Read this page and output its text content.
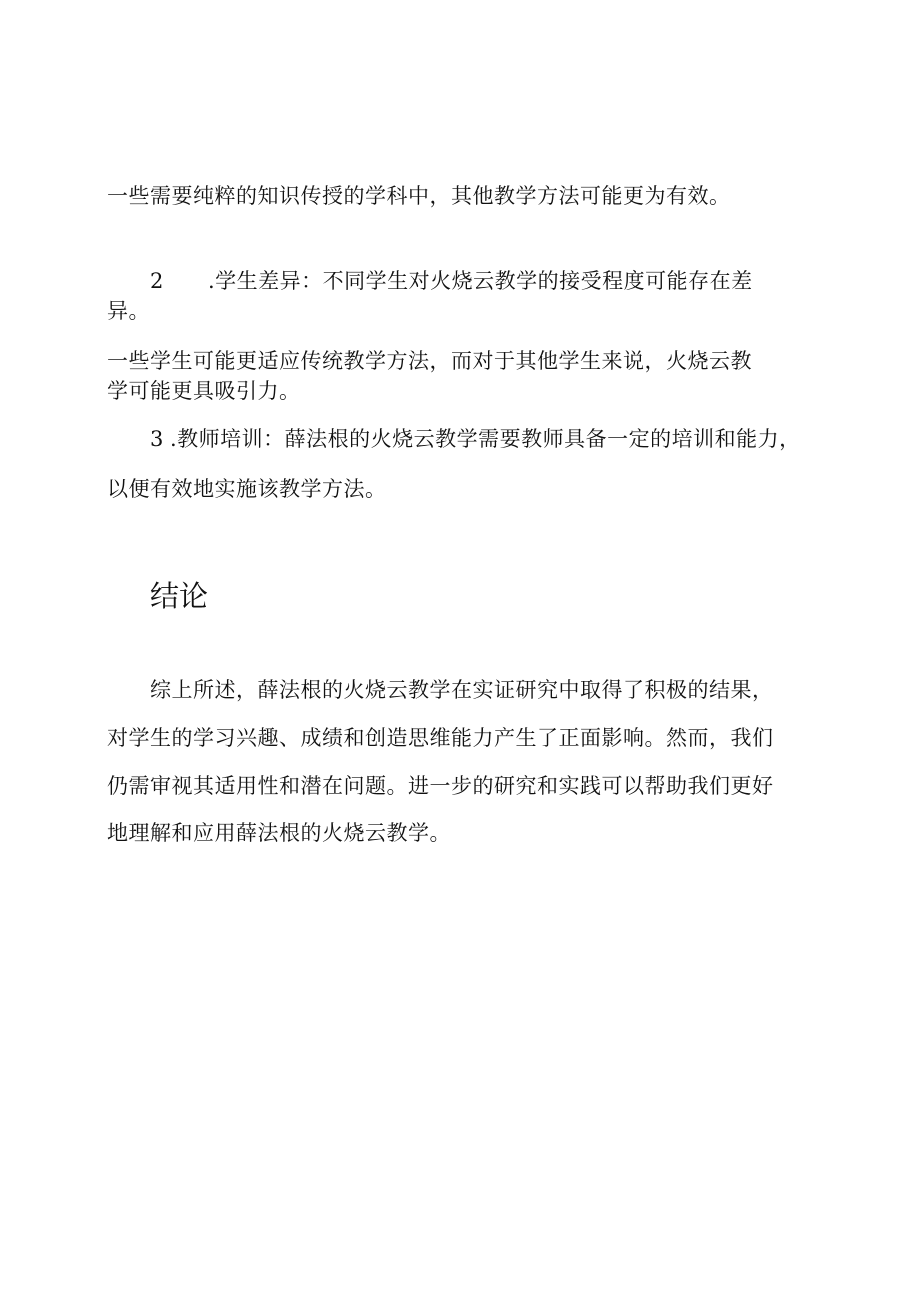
一些需要纯粹的知识传授的学科中，其他教学方法可能更为有效。
2 .学生差异：不同学生对火烧云教学的接受程度可能存在差
异。
一些学生可能更适应传统教学方法，而对于其他学生来说，火烧云教
学可能更具吸引力。
3 .教师培训：薛法根的火烧云教学需要教师具备一定的培训和能力，
以便有效地实施该教学方法。
结论
综上所述，薛法根的火烧云教学在实证研究中取得了积极的结果，
对学生的学习兴趣、成绩和创造思维能力产生了正面影响。然而，我们
仍需审视其适用性和潜在问题。进一步的研究和实践可以帮助我们更好
地理解和应用薛法根的火烧云教学。
